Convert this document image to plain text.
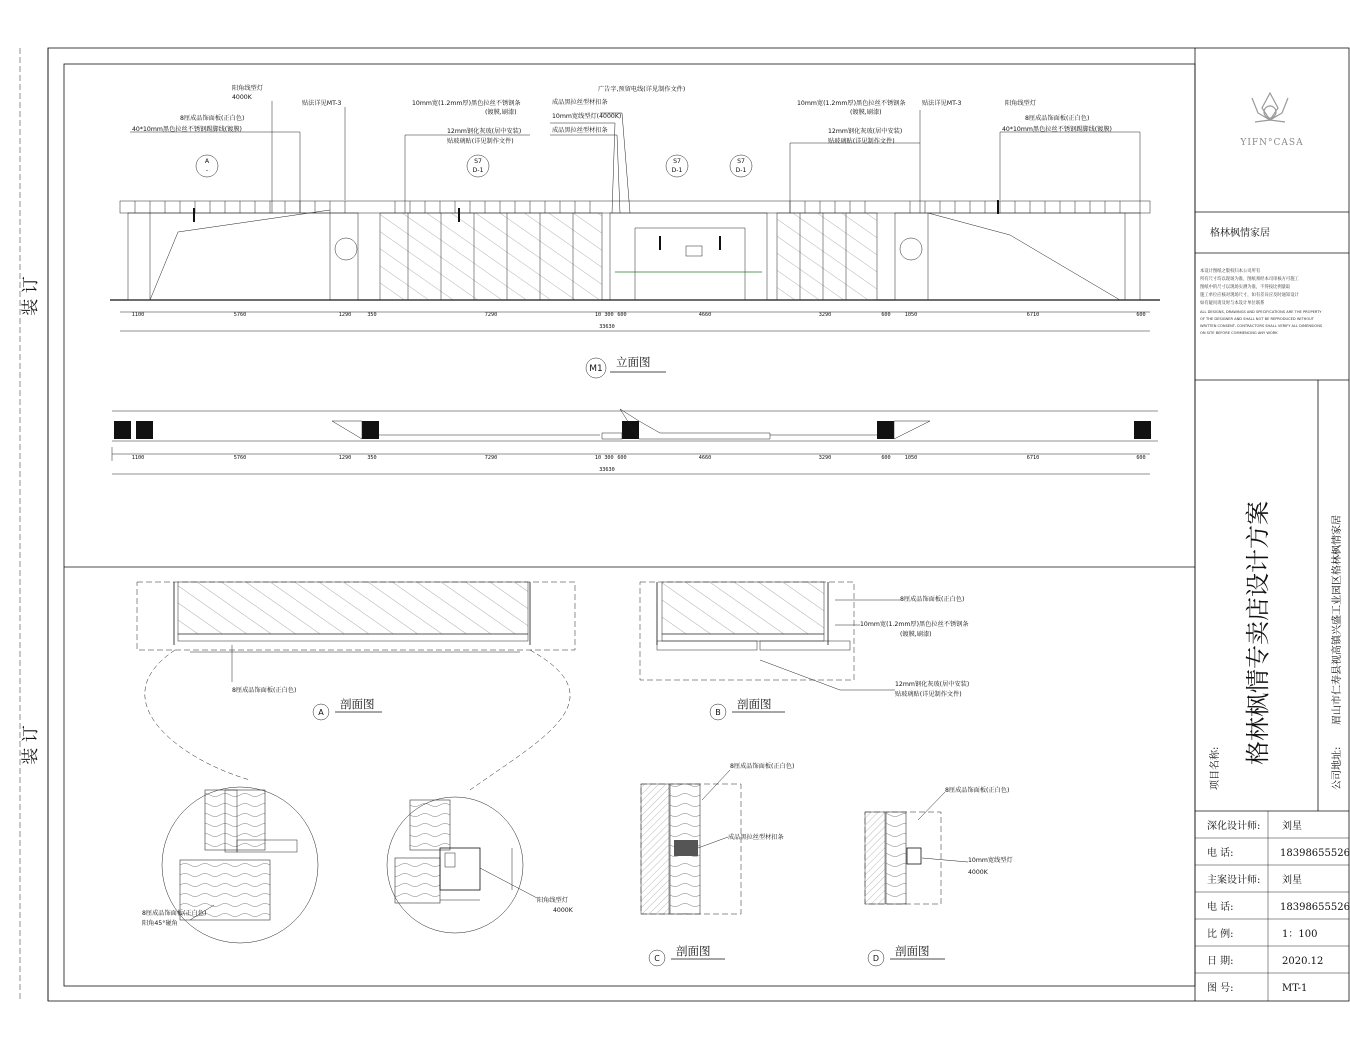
装 订
装 订
A
-
S7
D-1
S7
D-1
S7
D-1
阳角线型灯
4000K
8厘成品饰面板(正白色)
40*10mm黑色拉丝不锈钢踢脚线(镀膜)
贴法详见MT-3	10mm宽(1.2mm厚)黑色拉丝不锈钢条
(镀膜,刷漆)
12mm钢化灰玻(居中安装)
贴玻璃贴(详见制作文件)
广告字,预留电线(详见制作文件)
成品黑拉丝型材扣条
10mm宽线型灯(4000K)
成品黑拉丝型材扣条
10mm宽(1.2mm厚)黑色拉丝不锈钢条
(镀膜,刷漆)
12mm钢化灰玻(居中安装)
贴玻璃贴(详见制作文件)
贴法详见MT-3	阳角线型灯
8厘成品饰面板(正白色)
40*10mm黑色拉丝不锈钢踢脚线(镀膜)
1100	5760	1290	350	7290	10 300 600	4660	3290	600	1050	6710	600
33630
M1 立面图
1100	5760	1290	350	7290	10 300 600	4660	3290	600	1050	6710	600
33630
8厘成品饰面板(正白色)
A
剖面图
8厘成品饰面板(正白色)
阳角45°碰角
阳角线型灯
4000K
8厘成品饰面板(正白色)
10mm宽(1.2mm厚)黑色拉丝不锈钢条
(镀膜,刷漆)
12mm钢化灰玻(居中安装)
贴玻璃贴(详见制作文件)
B
剖面图
8厘成品饰面板(正白色)
成品黑拉丝型材扣条
C
剖面图
8厘成品饰面板(正白色)
10mm宽线型灯
4000K
D
剖面图
YIFN°CASA
格林枫情家居
本设计图纸之版权归本公司所有
所有尺寸均以现场为准，图纸须经本司审核方可施工
图纸中的尺寸以现场实测为准，不得按比例量取
施工单位应核对现场尺寸，如有差异应及时通知设计
如有疑问请及时与本设计单位联系
ALL DESIGNS, DRAWINGS AND SPECIFICATIONS ARE THE PROPERTY
OF THE DESIGNER AND SHALL NOT BE REPRODUCED WITHOUT
WRITTEN CONSENT. CONTRACTORS SHALL VERIFY ALL DIMENSIONS
ON SITE BEFORE COMMENCING ANY WORK
项目名称:
格林枫情专卖店设计方案
公司地址:
眉山市仁寿县视高镇兴盛工业园区格林枫情家居
深化设计师: 刘星
电 话:	18398655526
主案设计师: 刘星
电 话:	18398655526
比 例:	1：100
日 期:	2020.12
图 号:	MT-1
